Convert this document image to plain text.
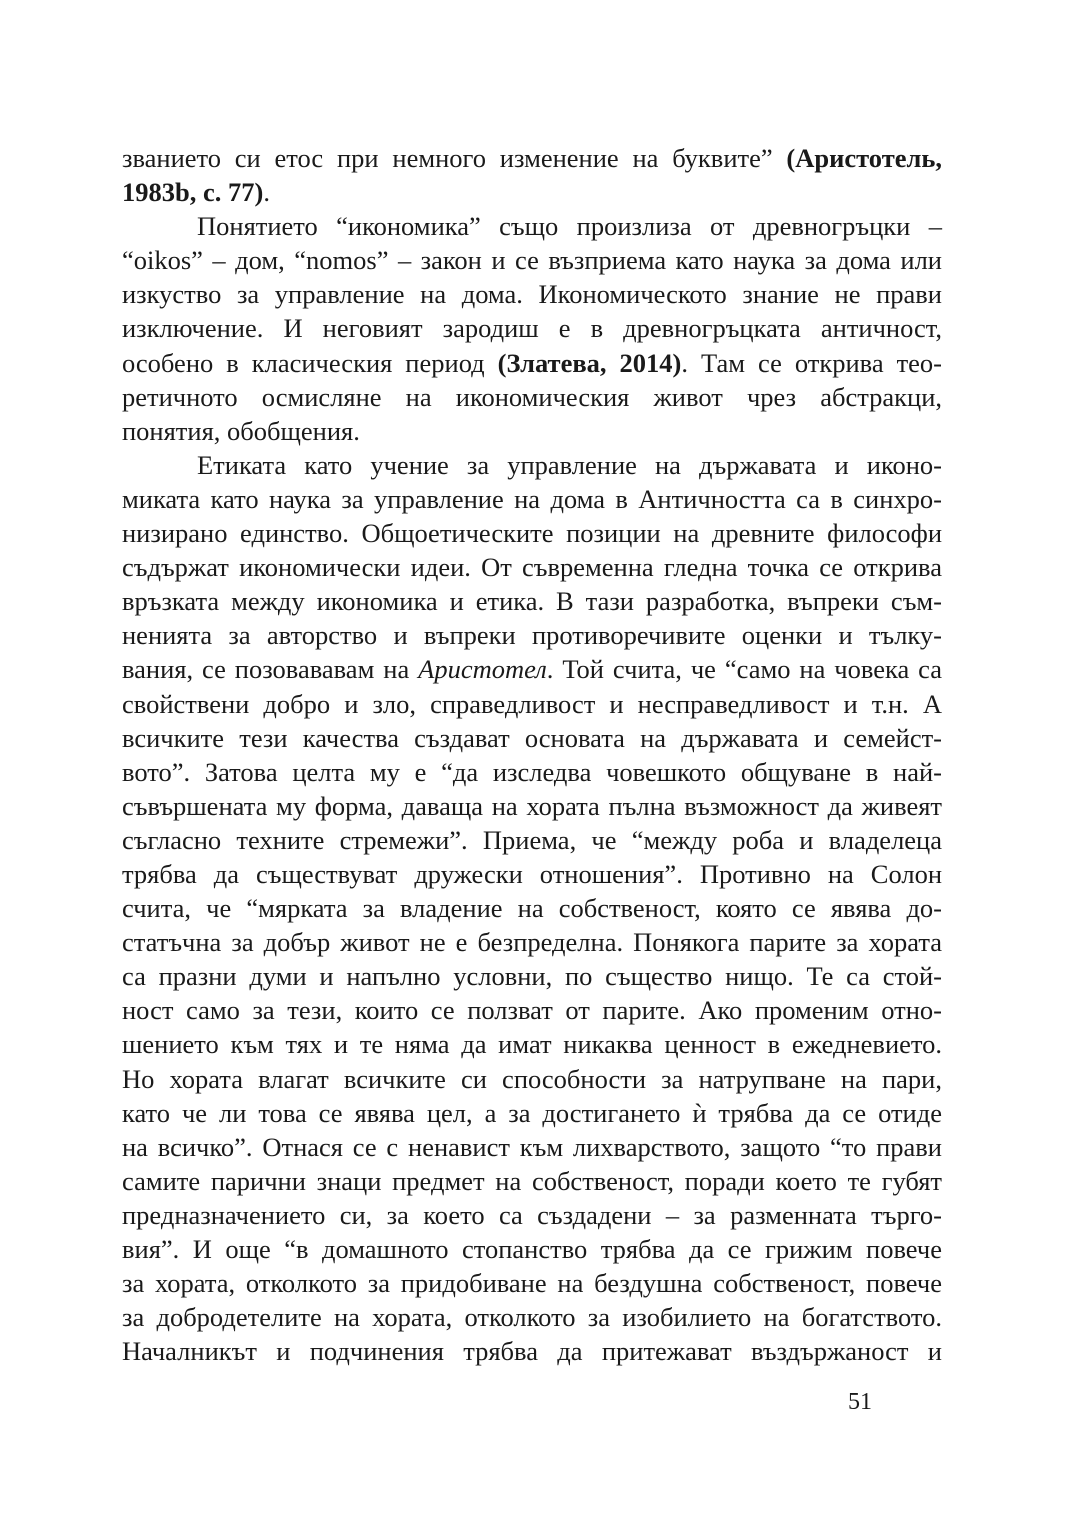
званието си етос при немного изменение на буквите” (Аристотель,
1983b, с. 77).
Понятието “икономика” също произлиза от древногръцки –
“oikos” – дом, “nomos” – закон и се възприема като наука за дома или
изкуство за управление на дома. Икономическото знание не прави
изключение. И неговият зародиш е в древногръцката античност,
особено в класическия период (Златева, 2014). Там се открива тео-
ретичното осмисляне на икономическия живот чрез абстракци,
понятия, обобщения.
Етиката като учение за управление на държавата и иконо-
миката като наука за управление на дома в Античността са в синхро-
низирано единство. Общоетическите позиции на древните философи
съдържат икономически идеи. От съвременна гледна точка се открива
връзката между икономика и етика. В тази разработка, въпреки съм-
ненията за авторство и въпреки противоречивите оценки и тълку-
вания, се позовававам на Аристотел. Той счита, че “само на човека са
свойствени добро и зло, справедливост и несправедливост и т.н. А
всичките тези качества създават основата на държавата и семейст-
вото”. Затова целта му е “да изследва човешкото общуване в най-
съвършената му форма, даваща на хората пълна възможност да живеят
съгласно техните стремежи”. Приема, че “между роба и владелеца
трябва да съществуват дружески отношения”. Противно на Солон
счита, че “мярката за владение на собственост, която се явява до-
статъчна за добър живот не е безпределна. Понякога парите за хората
са празни думи и напълно условни, по същество нищо. Те са стой-
ност само за тези, които се ползват от парите. Ако променим отно-
шението към тях и те няма да имат никаква ценност в ежедневието.
Но хората влагат всичките си способности за натрупване на пари,
като че ли това се явява цел, а за достигането ѝ трябва да се отиде
на всичко”. Отнася се с ненавист към лихварството, защото “то прави
самите парични знаци предмет на собственост, поради което те губят
предназначението си, за което са създадени – за разменната търго-
вия”. И още “в домашното стопанство трябва да се грижим повече
за хората, отколкото за придобиване на бездушна собственост, повече
за добродетелите на хората, отколкото за изобилието на богатството.
Началникът и подчинения трябва да притежават въздържаност и
51
